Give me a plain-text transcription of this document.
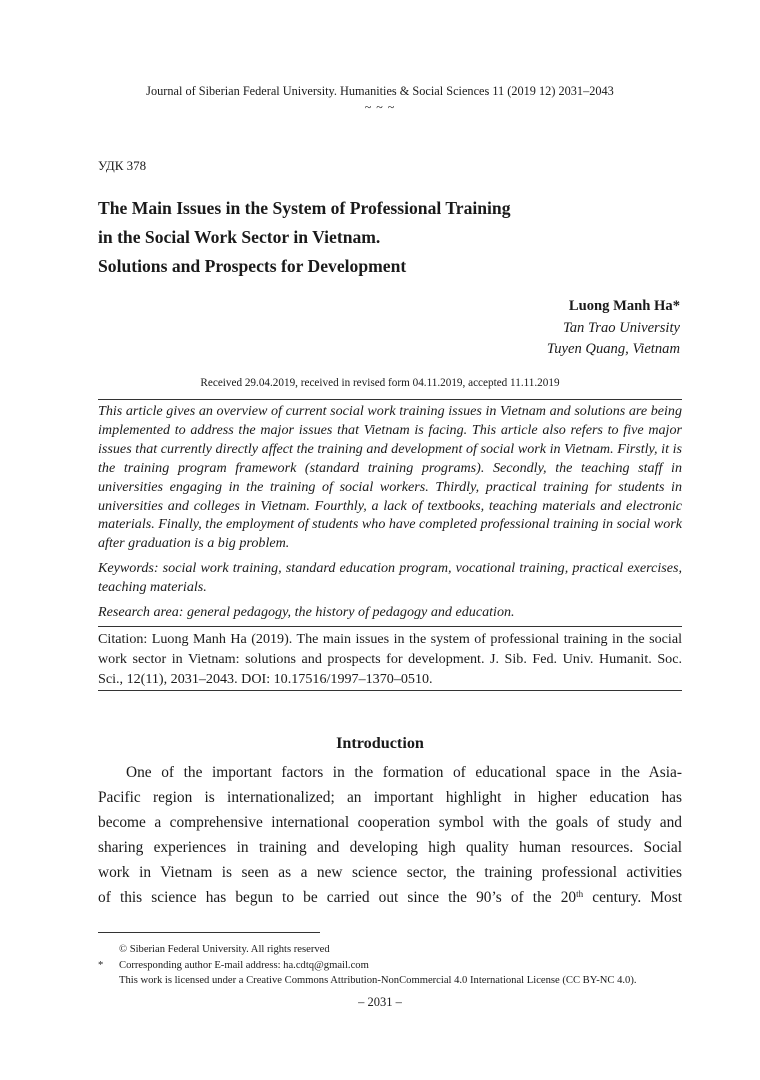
Journal of Siberian Federal University. Humanities & Social Sciences 11 (2019 12) 2031–2043
~ ~ ~
УДК 378
The Main Issues in the System of Professional Training
in the Social Work Sector in Vietnam.
Solutions and Prospects for Development
Luong Manh Ha*
Tan Trao University
Tuyen Quang, Vietnam
Received 29.04.2019, received in revised form 04.11.2019, accepted 11.11.2019
This article gives an overview of current social work training issues in Vietnam and solutions are being implemented to address the major issues that Vietnam is facing. This article also refers to five major issues that currently directly affect the training and development of social work in Vietnam. Firstly, it is the training program framework (standard training programs). Secondly, the teaching staff in universities engaging in the training of social workers. Thirdly, practical training for students in universities and colleges in Vietnam. Fourthly, a lack of textbooks, teaching materials and electronic materials. Finally, the employment of students who have completed professional training in social work after graduation is a big problem.
Keywords: social work training, standard education program, vocational training, practical exercises, teaching materials.
Research area: general pedagogy, the history of pedagogy and education.
Citation: Luong Manh Ha (2019). The main issues in the system of professional training in the social work sector in Vietnam: solutions and prospects for development. J. Sib. Fed. Univ. Humanit. Soc. Sci., 12(11), 2031–2043. DOI: 10.17516/1997–1370–0510.
Introduction
One of the important factors in the formation of educational space in the Asia-
Pacific region is internationalized; an important highlight in higher education has
become a comprehensive international cooperation symbol with the goals of study and
sharing experiences in training and developing high quality human resources. Social
work in Vietnam is seen as a new science sector, the training professional activities
of this science has begun to be carried out since the 90’s of the 20th century. Most
© Siberian Federal University. All rights reserved
* Corresponding author E-mail address: ha.cdtq@gmail.com
This work is licensed under a Creative Commons Attribution-NonCommercial 4.0 International License (CC BY-NC 4.0).
– 2031 –
